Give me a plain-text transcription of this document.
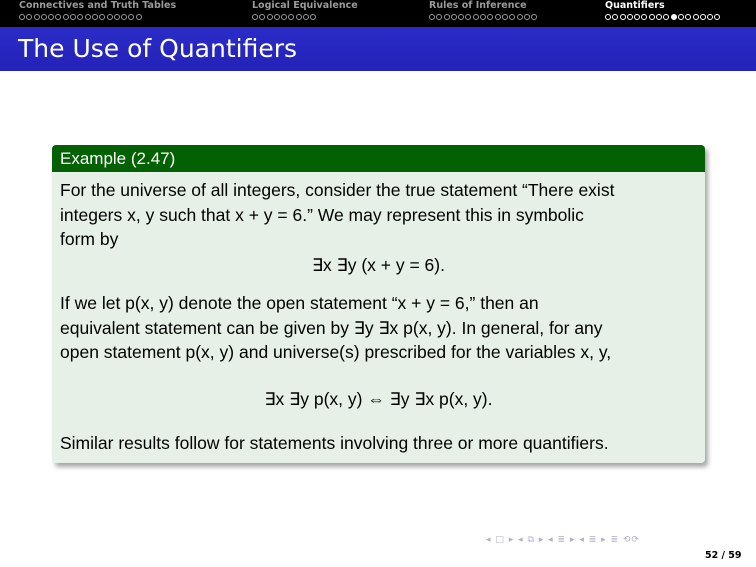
Connectives and Truth Tables	Logical Equivalence	Rules of Inference	Quantifiers
The Use of Quantifiers
Example (2.47)
For the universe of all integers, consider the true statement “There exist
integers x, y such that x + y = 6.” We may represent this in symbolic
form by
∃x ∃y (x + y = 6).
If we let p(x, y) denote the open statement “x + y = 6,” then an
equivalent statement can be given by ∃y ∃x p(x, y). In general, for any
open statement p(x, y) and universe(s) prescribed for the variables x, y,
∃x ∃y p(x, y) ⇔ ∃y ∃x p(x, y).
Similar results follow for statements involving three or more quantifiers.
◂ □ ▸ ◂ ⧉ ▸ ◂ ≣ ▸ ◂ ≣ ▸ ≣ ⟲⟳
52 / 59
